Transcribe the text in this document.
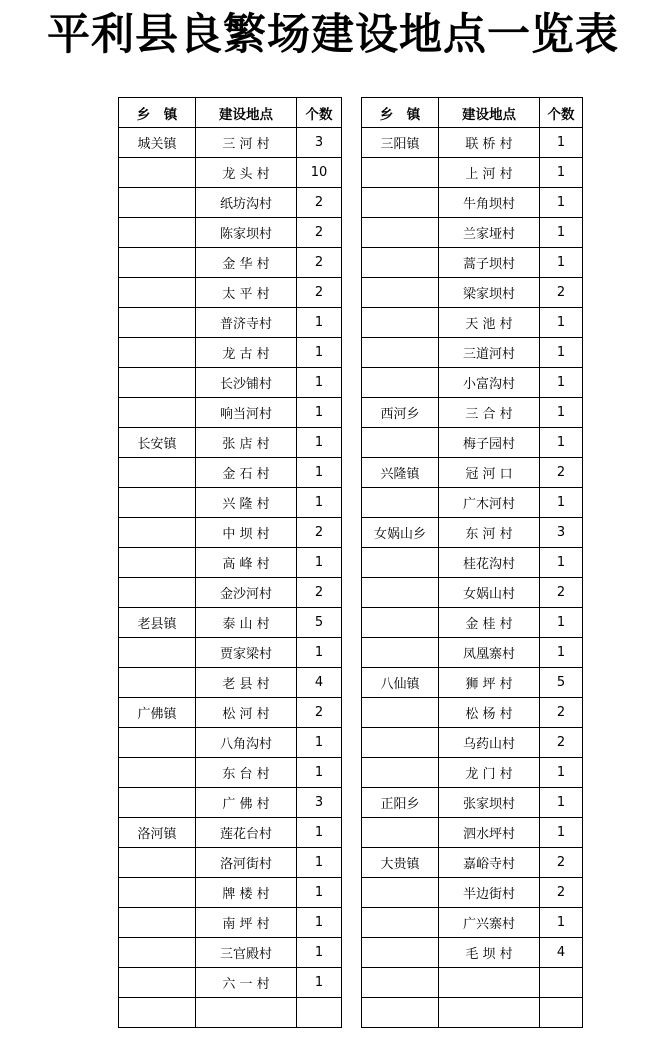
平利县良繁场建设地点一览表
乡　镇	建设地点	个数
城关镇	三 河 村	3
	龙 头 村	10
	纸坊沟村	2
	陈家坝村	2
	金 华 村	2
	太 平 村	2
	普济寺村	1
	龙 古 村	1
	长沙铺村	1
	响当河村	1
长安镇	张 店 村	1
	金 石 村	1
	兴 隆 村	1
	中 坝 村	2
	高 峰 村	1
	金沙河村	2
老县镇	泰 山 村	5
	贾家梁村	1
	老 县 村	4
广佛镇	松 河 村	2
	八角沟村	1
	东 台 村	1
	广 佛 村	3
洛河镇	莲花台村	1
	洛河街村	1
	牌 楼 村	1
	南 坪 村	1
	三官殿村	1
	六 一 村	1

乡　镇	建设地点	个数
三阳镇	联 桥 村	1
	上 河 村	1
	牛角坝村	1
	兰家垭村	1
	蒿子坝村	1
	梁家坝村	2
	天 池 村	1
	三道河村	1
	小富沟村	1
西河乡	三 合 村	1
	梅子园村	1
兴隆镇	冠 河 口	2
	广木河村	1
女娲山乡	东 河 村	3
	桂花沟村	1
	女娲山村	2
	金 桂 村	1
	凤凰寨村	1
八仙镇	狮 坪 村	5
	松 杨 村	2
	乌药山村	2
	龙 门 村	1
正阳乡	张家坝村	1
	泗水坪村	1
大贵镇	嘉峪寺村	2
	半边街村	2
	广兴寨村	1
	毛 坝 村	4
